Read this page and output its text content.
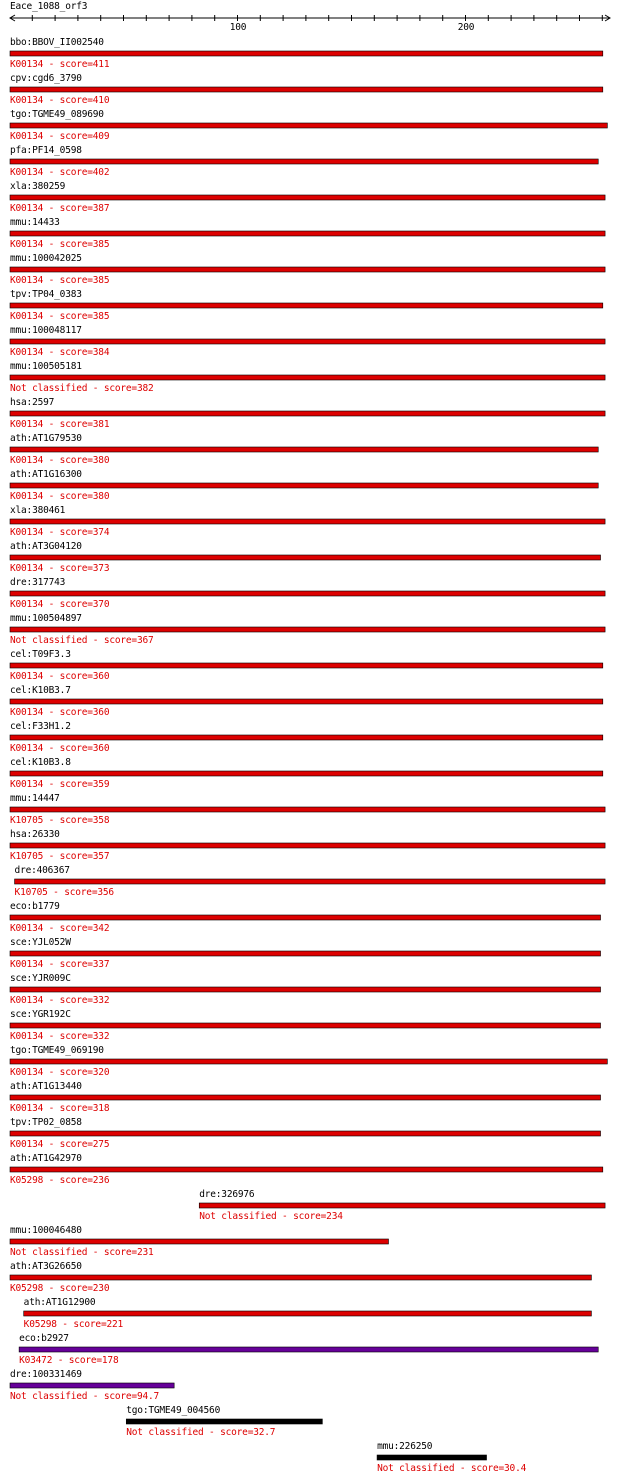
Eace_1088_orf3
100	200
bbo:BBOV_II002540
K00134 - score=411
cpv:cgd6_3790
K00134 - score=410
tgo:TGME49_089690
K00134 - score=409
pfa:PF14_0598
K00134 - score=402
xla:380259
K00134 - score=387
mmu:14433
K00134 - score=385
mmu:100042025
K00134 - score=385
tpv:TP04_0383
K00134 - score=385
mmu:100048117
K00134 - score=384
mmu:100505181
Not classified - score=382
hsa:2597
K00134 - score=381
ath:AT1G79530
K00134 - score=380
ath:AT1G16300
K00134 - score=380
xla:380461
K00134 - score=374
ath:AT3G04120
K00134 - score=373
dre:317743
K00134 - score=370
mmu:100504897
Not classified - score=367
cel:T09F3.3
K00134 - score=360
cel:K10B3.7
K00134 - score=360
cel:F33H1.2
K00134 - score=360
cel:K10B3.8
K00134 - score=359
mmu:14447
K10705 - score=358
hsa:26330
K10705 - score=357
dre:406367
K10705 - score=356
eco:b1779
K00134 - score=342
sce:YJL052W
K00134 - score=337
sce:YJR009C
K00134 - score=332
sce:YGR192C
K00134 - score=332
tgo:TGME49_069190
K00134 - score=320
ath:AT1G13440
K00134 - score=318
tpv:TP02_0858
K00134 - score=275
ath:AT1G42970
K05298 - score=236
dre:326976
Not classified - score=234
mmu:100046480
Not classified - score=231
ath:AT3G26650
K05298 - score=230
ath:AT1G12900
K05298 - score=221
eco:b2927
K03472 - score=178
dre:100331469
Not classified - score=94.7
tgo:TGME49_004560
Not classified - score=32.7
mmu:226250
Not classified - score=30.4
